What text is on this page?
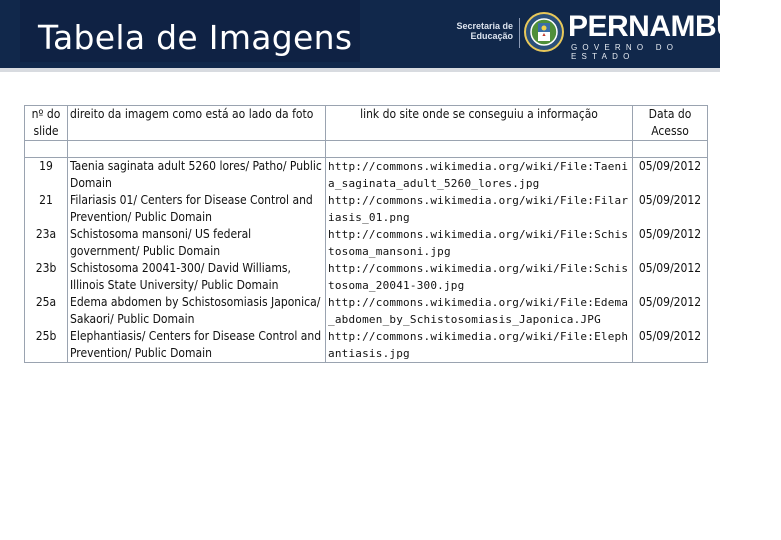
Tabela de Imagens	Secretaria de Educação PERNAMBUCO
GOVERNO DO ESTADO
nº do slide	direito da imagem como está ao lado da foto	link do site onde se conseguiu a informação	Data do Acesso

19	Taenia saginata adult 5260 lores/ Patho/ Public Domain	http://commons.wikimedia.org/wiki/File:Taenia_saginata_adult_5260_lores.jpg	05/09/2012
21	Filariasis 01/ Centers for Disease Control and Prevention/ Public Domain	http://commons.wikimedia.org/wiki/File:Filariasis_01.png	05/09/2012
23a	Schistosoma mansoni/ US federal government/ Public Domain	http://commons.wikimedia.org/wiki/File:Schistosoma_mansoni.jpg	05/09/2012
23b	Schistosoma 20041-300/ David Williams, Illinois State University/ Public Domain	http://commons.wikimedia.org/wiki/File:Schistosoma_20041-300.jpg	05/09/2012
25a	Edema abdomen by Schistosomiasis Japonica/ Sakaori/ Public Domain	http://commons.wikimedia.org/wiki/File:Edema_abdomen_by_Schistosomiasis_Japonica.JPG	05/09/2012
25b	Elephantiasis/ Centers for Disease Control and Prevention/ Public Domain	http://commons.wikimedia.org/wiki/File:Elephantiasis.jpg	05/09/2012
